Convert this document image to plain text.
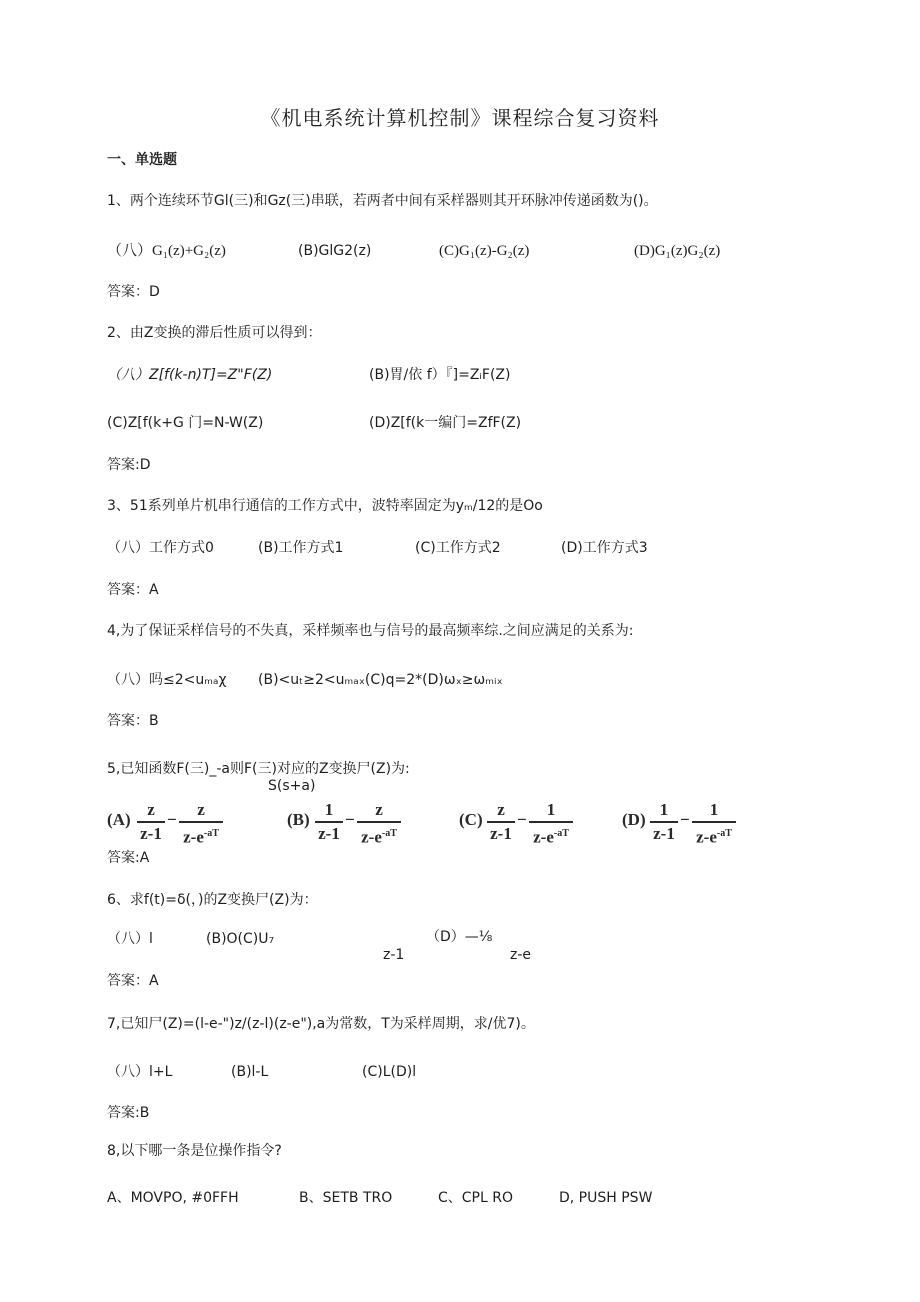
《机电系统计算机控制》课程综合复习资料
一、单选题
1、两个连续环节Gl(三)和Gz(三)串联，若两者中间有采样器则其开环脉冲传递函数为()。
（八）G₁(z)+G₂(z)	(B)GlG2(z)	(C)G₁(z)-G₂(z)	(D)G₁(z)G₂(z)
答案：D
2、由Z变换的滞后性质可以得到：
（八）Z[f(k-n)T]=Z"F(Z)	(B)胃/依 f）『]=ZᵢF(Z)
(C)Z[f(k+G 门=N-W(Z)	(D)Z[f(k一编门=ZfF(Z)
答案:D
3、51系列单片机串行通信的工作方式中，波特率固定为yₘ/12的是Oo
（八）工作方式0	(B)工作方式1	(C)工作方式2	(D)工作方式3
答案：A
4,为了保证采样信号的不失真，采样频率也与信号的最高频率综.之间应满足的关系为:
（八）吗≤2<uₘₐχ (B)<uₜ≥2<uₘₐₓ(C)q=2*(D)ωₓ≥ωₘᵢₓ
答案：B
5,已知函数F(三)_-a则F(三)对应的Z变换尸(Z)为:
S(s+a)
(A)
z
z-1
−
z
$z-e^{-aT}$
(B)
1
z-1
−
z
$z-e^{-aT}$
(C)
z
z-1
−
1
$z-e^{-aT}$
(D)
1
z-1
−
1
$z-e^{-aT}$
答案:A
6、求f(t)=δ(，)的Z变换尸(Z)为：
（八）l	(B)O(C)U₇	（D）—⅛
z-1	z-e
答案：A
7,已知尸(Z)=(l-e-")z/(z-l)(z-e"),a为常数，T为采样周期，求/优7)。
（八）l+L	(B)l-L	(C)L(D)l
答案:B
8,以下哪一条是位操作指令?
A、MOVPO, #0FFH	B、SETB TRO	C、CPL RO	D, PUSH PSW
